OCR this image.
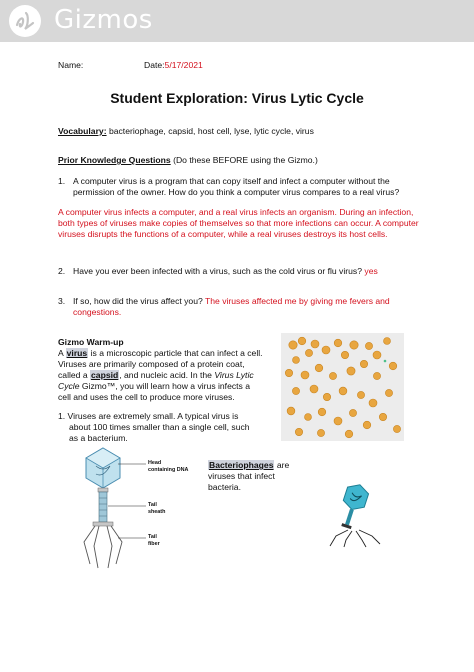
Gizmos
Name:	Date:5/17/2021
Student Exploration: Virus Lytic Cycle
Vocabulary: bacteriophage, capsid, host cell, lyse, lytic cycle, virus
Prior Knowledge Questions (Do these BEFORE using the Gizmo.)
1. A computer virus is a program that can copy itself and infect a computer without the
permission of the owner. How do you think a computer virus compares to a real virus?
A computer virus infects a computer, and a real virus infects an organism. During an infection,
both types of viruses make copies of themselves so that more infections can occur. A computer
viruses disrupts the functions of a computer, while a real viruses destroys its host cells.
2. Have you ever been infected with a virus, such as the cold virus or flu virus? yes
3. If so, how did the virus affect you? The viruses affected me by giving me fevers and
congestions.
Gizmo Warm-up
A virus is a microscopic particle that can infect a cell.
Viruses are primarily composed of a protein coat,
called a capsid, and nucleic acid. In the Virus Lytic
Cycle Gizmo™, you will learn how a virus infects a
cell and uses the cell to produce more viruses.
1. Viruses are extremely small. A typical virus is
about 100 times smaller than a single cell, such
as a bacterium.
Head
containing DNA
Tail
sheath
Tail
fiber
Bacteriophages are
viruses that infect
bacteria.
